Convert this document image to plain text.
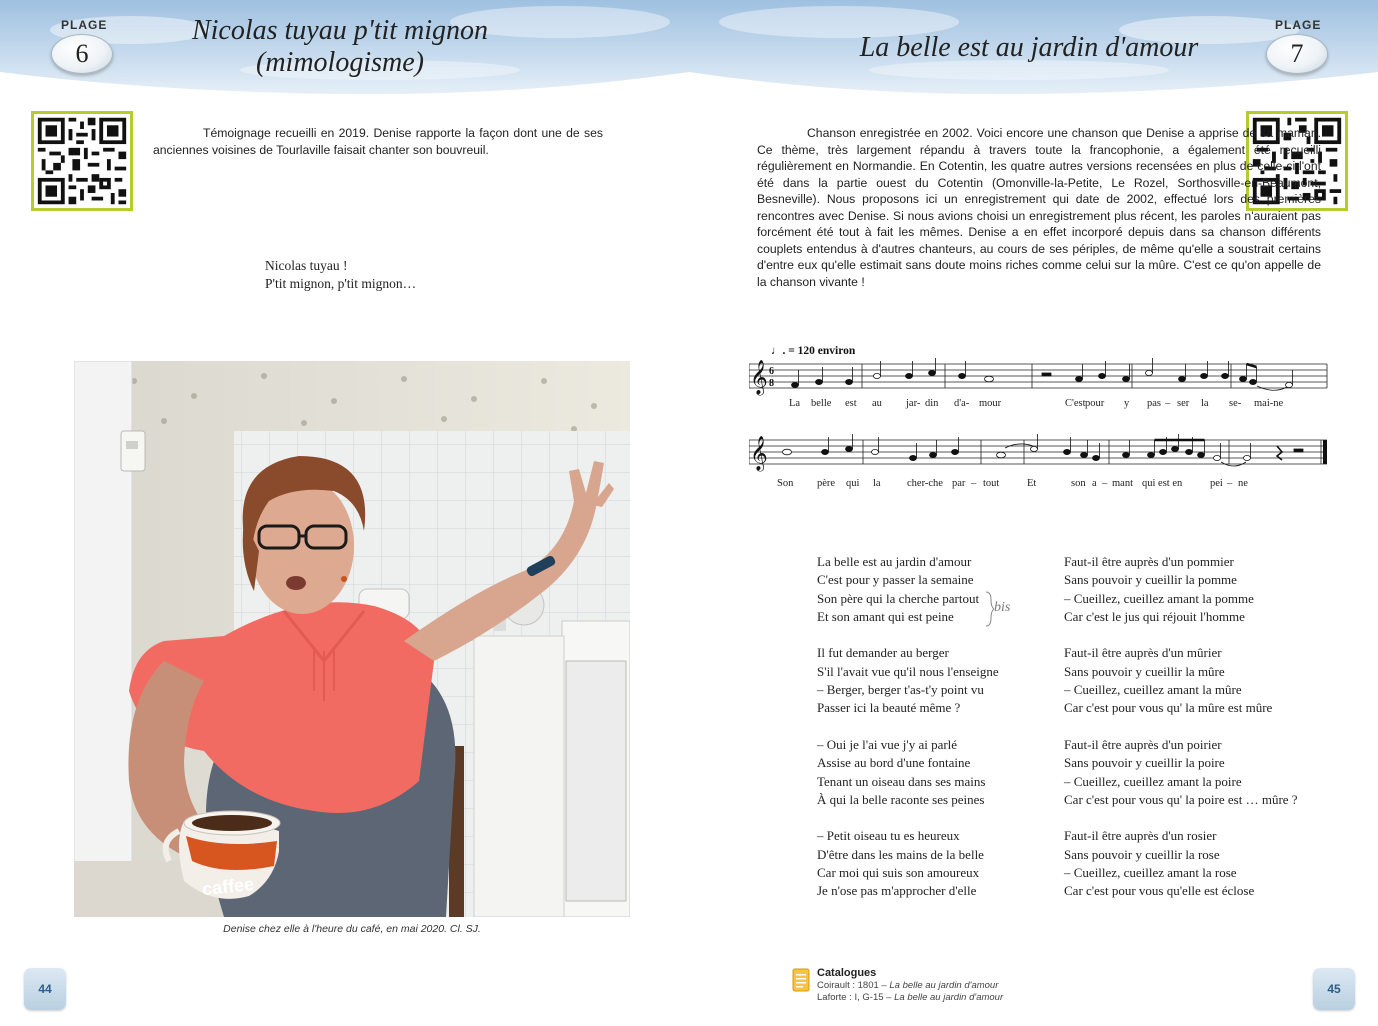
PLAGE
6
Nicolas tuyau p'tit mignon
(mimologisme)

Témoignage recueilli en 2019. Denise rapporte la façon dont une de ses anciennes voisines de Tourlaville faisait chanter son bouvreuil.

Nicolas tuyau !
P'tit mignon, p'tit mignon…
caffee
Denise chez elle à l'heure du café, en mai 2020. Cl. SJ.
44
PLAGE
7
La belle est au jardin d'amour

Chanson enregistrée en 2002. Voici encore une chanson que Denise a apprise de sa maman. Ce thème, très largement répandu à travers toute la francophonie, a également été recueilli régulièrement en Normandie. En Cotentin, les quatre autres versions recensées en plus de celle-ci l'ont été dans la partie ouest du Cotentin (Omonville-la-Petite, Le Rozel, Sorthosville-en-Beaumont, Besneville). Nous proposons ici un enregistrement qui date de 2002, effectué lors des premières rencontres avec Denise. Si nous avions choisi un enregistrement plus récent, les paroles n'auraient pas forcément été tout à fait les mêmes. Denise a en effet incorporé depuis dans sa chanson différents couplets entendus à d'autres chanteurs, au cours de ses périples, de même qu'elle a soustrait certains d'entre eux qu'elle estimait sans doute moins riches comme celui sur la mûre. C'est ce qu'on appelle de la chanson vivante !

♩. = 120 environ
𝄞 6
8
La belle est au jar- din d'a- mour	C'est pour y pas – ser la se- mai-ne
𝄞
Son père qui la	cher-che par – tout	Et	son a – mant qui est en	pei – ne
La belle est au jardin d'amour
C'est pour y passer la semaine
Son père qui la cherche partout
Et son amant qui est peine
Il fut demander au berger
S'il l'avait vue qu'il nous l'enseigne
– Berger, berger t'as-t'y point vu
Passer ici la beauté même ?
– Oui je l'ai vue j'y ai parlé
Assise au bord d'une fontaine
Tenant un oiseau dans ses mains
À qui la belle raconte ses peines
– Petit oiseau tu es heureux
D'être dans les mains de la belle
Car moi qui suis son amoureux
Je n'ose pas m'approcher d'elle
bis
Faut-il être auprès d'un pommier
Sans pouvoir y cueillir la pomme
– Cueillez, cueillez amant la pomme
Car c'est le jus qui réjouit l'homme
Faut-il être auprès d'un mûrier
Sans pouvoir y cueillir la mûre
– Cueillez, cueillez amant la mûre
Car c'est pour vous qu' la mûre est mûre
Faut-il être auprès d'un poirier
Sans pouvoir y cueillir la poire
– Cueillez, cueillez amant la poire
Car c'est pour vous qu' la poire est … mûre ?
Faut-il être auprès d'un rosier
Sans pouvoir y cueillir la rose
– Cueillez, cueillez amant la rose
Car c'est pour vous qu'elle est éclose
Catalogues
Coirault : 1801 – La belle au jardin d'amour
Laforte : I, G-15 – La belle au jardin d'amour
45
